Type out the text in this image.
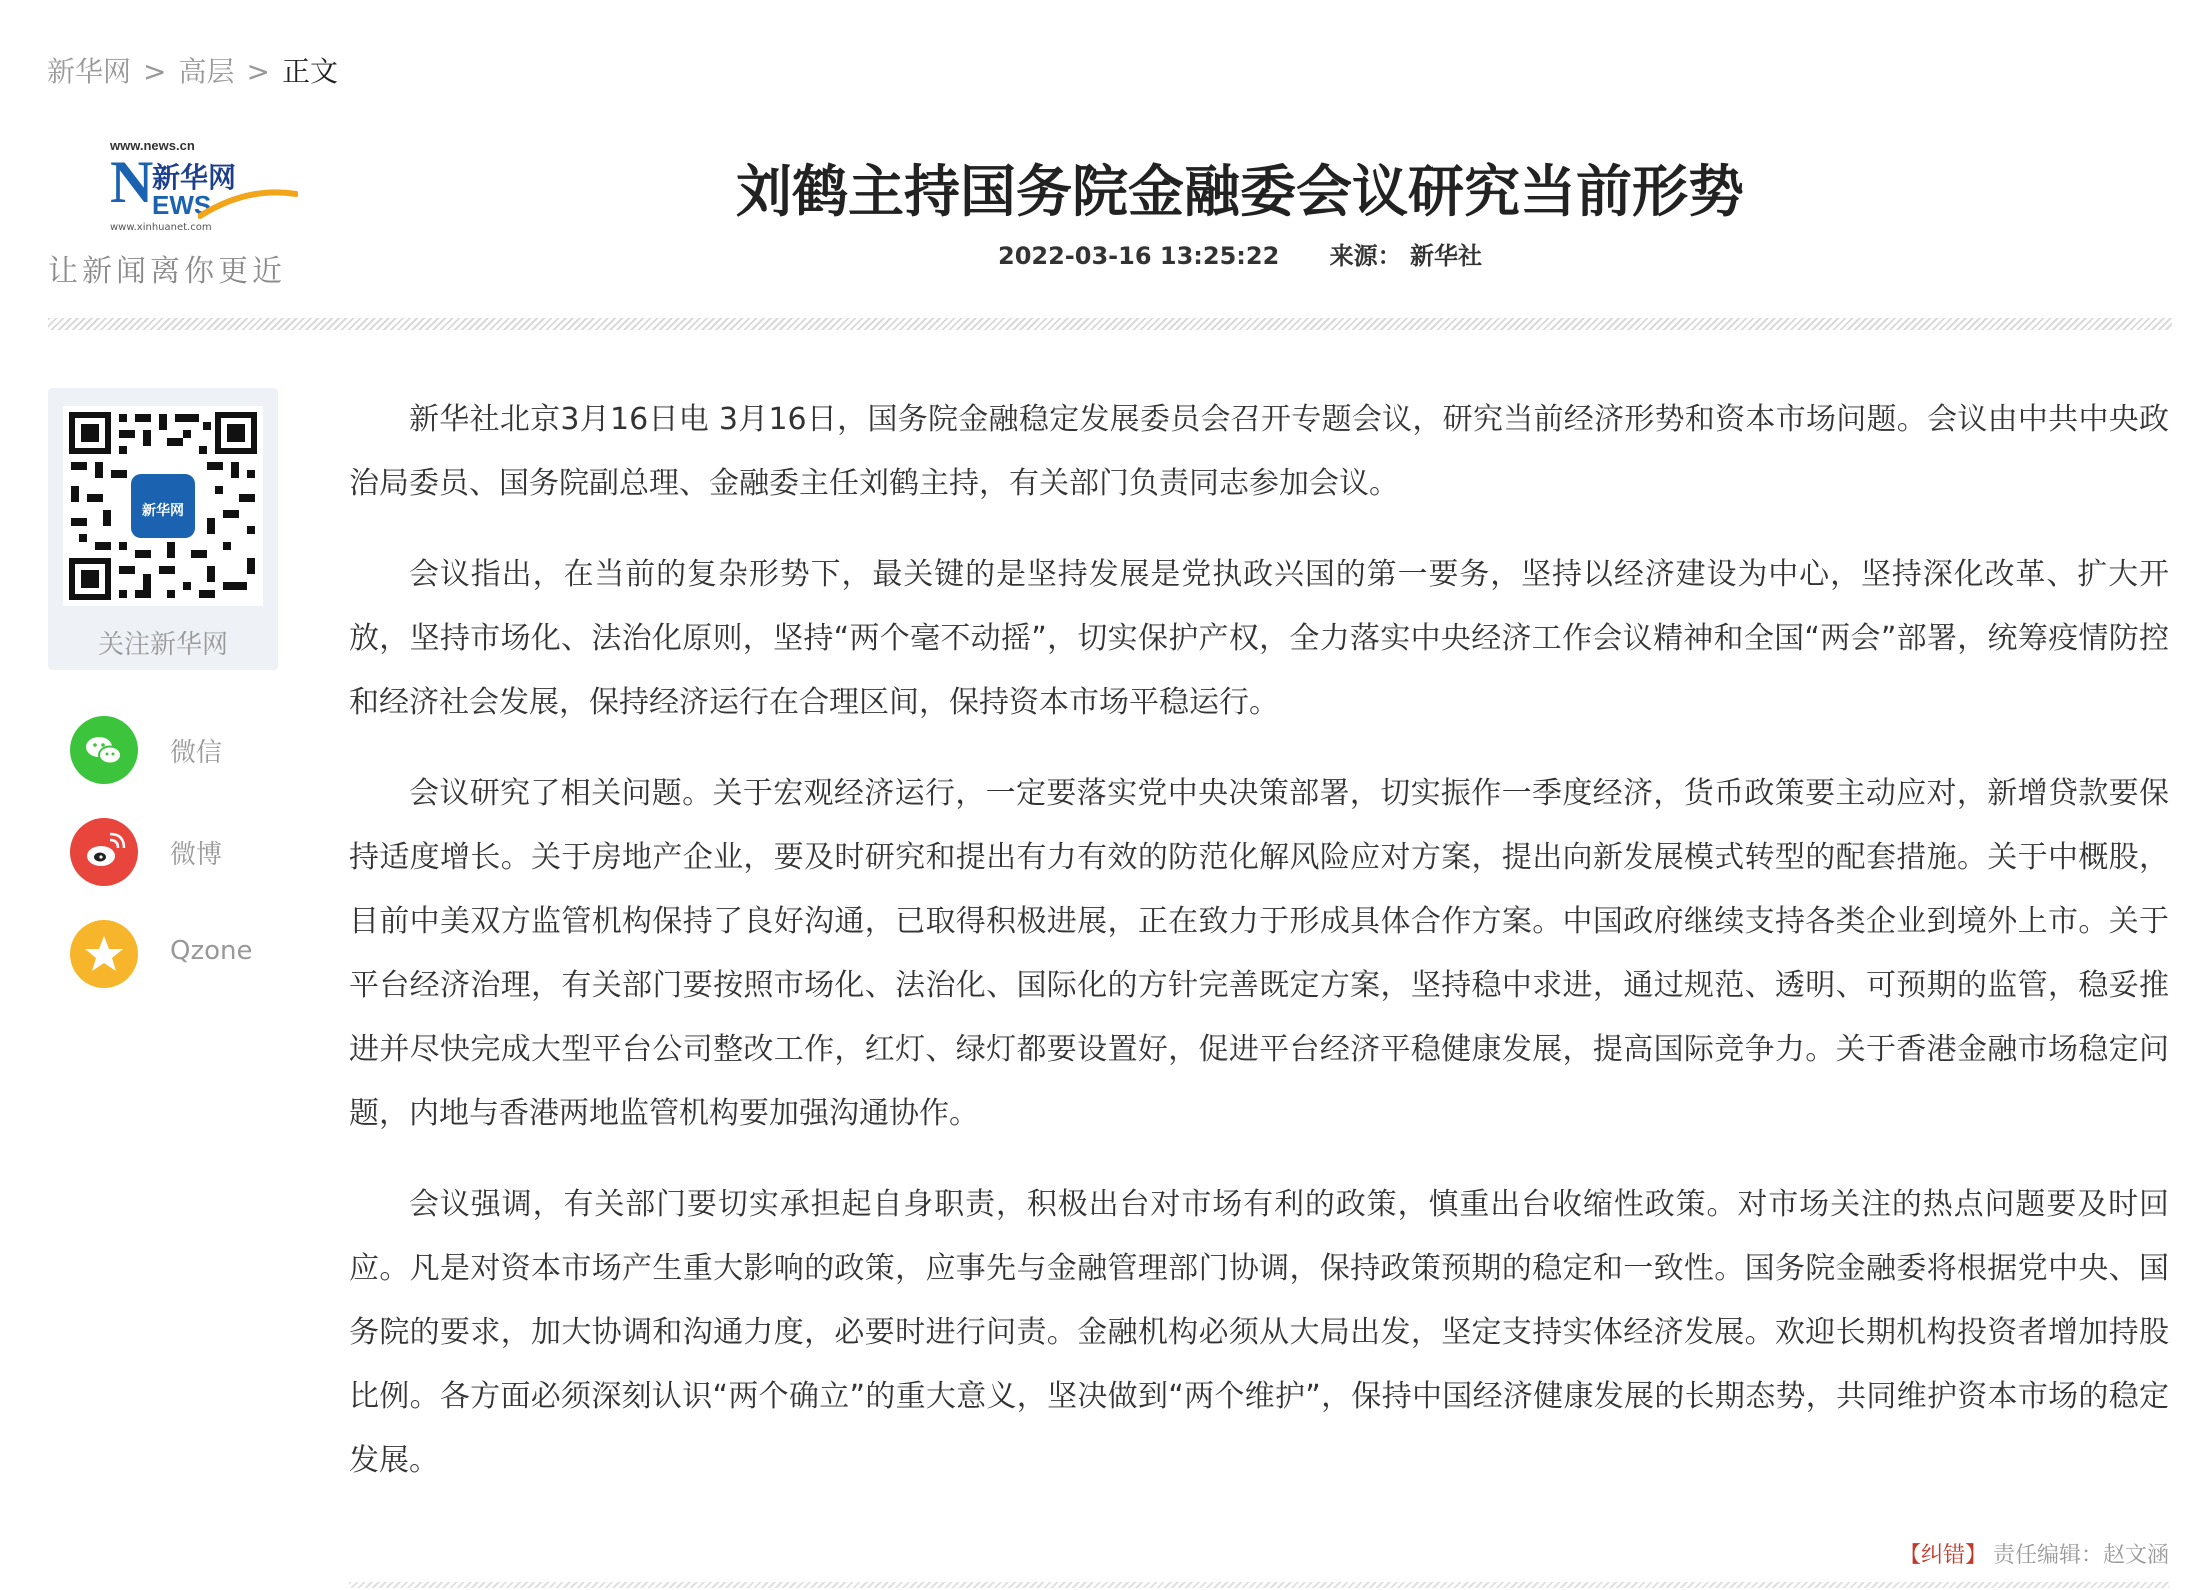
新华网 > 高层 > 正文
www.news.cn
N
新华网
EWS
www.xinhuanet.com
让新闻离你更近
刘鹤主持国务院金融委会议研究当前形势
2022-03-16 13:25:22 来源： 新华社
新华网
关注新华网
微信
微博
Qzone

新华社北京3月16日电 3月16日，国务院金融稳定发展委员会召开专题会议，研究当前经济形势和资本市场问题。会议由中共中央政治局委员、国务院副总理、金融委主任刘鹤主持，有关部门负责同志参加会议。

会议指出，在当前的复杂形势下，最关键的是坚持发展是党执政兴国的第一要务，坚持以经济建设为中心，坚持深化改革、扩大开放，坚持市场化、法治化原则，坚持“两个毫不动摇”，切实保护产权，全力落实中央经济工作会议精神和全国“两会”部署，统筹疫情防控和经济社会发展，保持经济运行在合理区间，保持资本市场平稳运行。

会议研究了相关问题。关于宏观经济运行，一定要落实党中央决策部署，切实振作一季度经济，货币政策要主动应对，新增贷款要保持适度增长。关于房地产企业，要及时研究和提出有力有效的防范化解风险应对方案，提出向新发展模式转型的配套措施。关于中概股，目前中美双方监管机构保持了良好沟通，已取得积极进展，正在致力于形成具体合作方案。中国政府继续支持各类企业到境外上市。关于平台经济治理，有关部门要按照市场化、法治化、国际化的方针完善既定方案，坚持稳中求进，通过规范、透明、可预期的监管，稳妥推进并尽快完成大型平台公司整改工作，红灯、绿灯都要设置好，促进平台经济平稳健康发展，提高国际竞争力。关于香港金融市场稳定问题，内地与香港两地监管机构要加强沟通协作。

会议强调，有关部门要切实承担起自身职责，积极出台对市场有利的政策，慎重出台收缩性政策。对市场关注的热点问题要及时回应。凡是对资本市场产生重大影响的政策，应事先与金融管理部门协调，保持政策预期的稳定和一致性。国务院金融委将根据党中央、国务院的要求，加大协调和沟通力度，必要时进行问责。金融机构必须从大局出发，坚定支持实体经济发展。欢迎长期机构投资者增加持股比例。各方面必须深刻认识“两个确立”的重大意义，坚决做到“两个维护”，保持中国经济健康发展的长期态势，共同维护资本市场的稳定发展。

【纠错】 责任编辑：赵文涵
